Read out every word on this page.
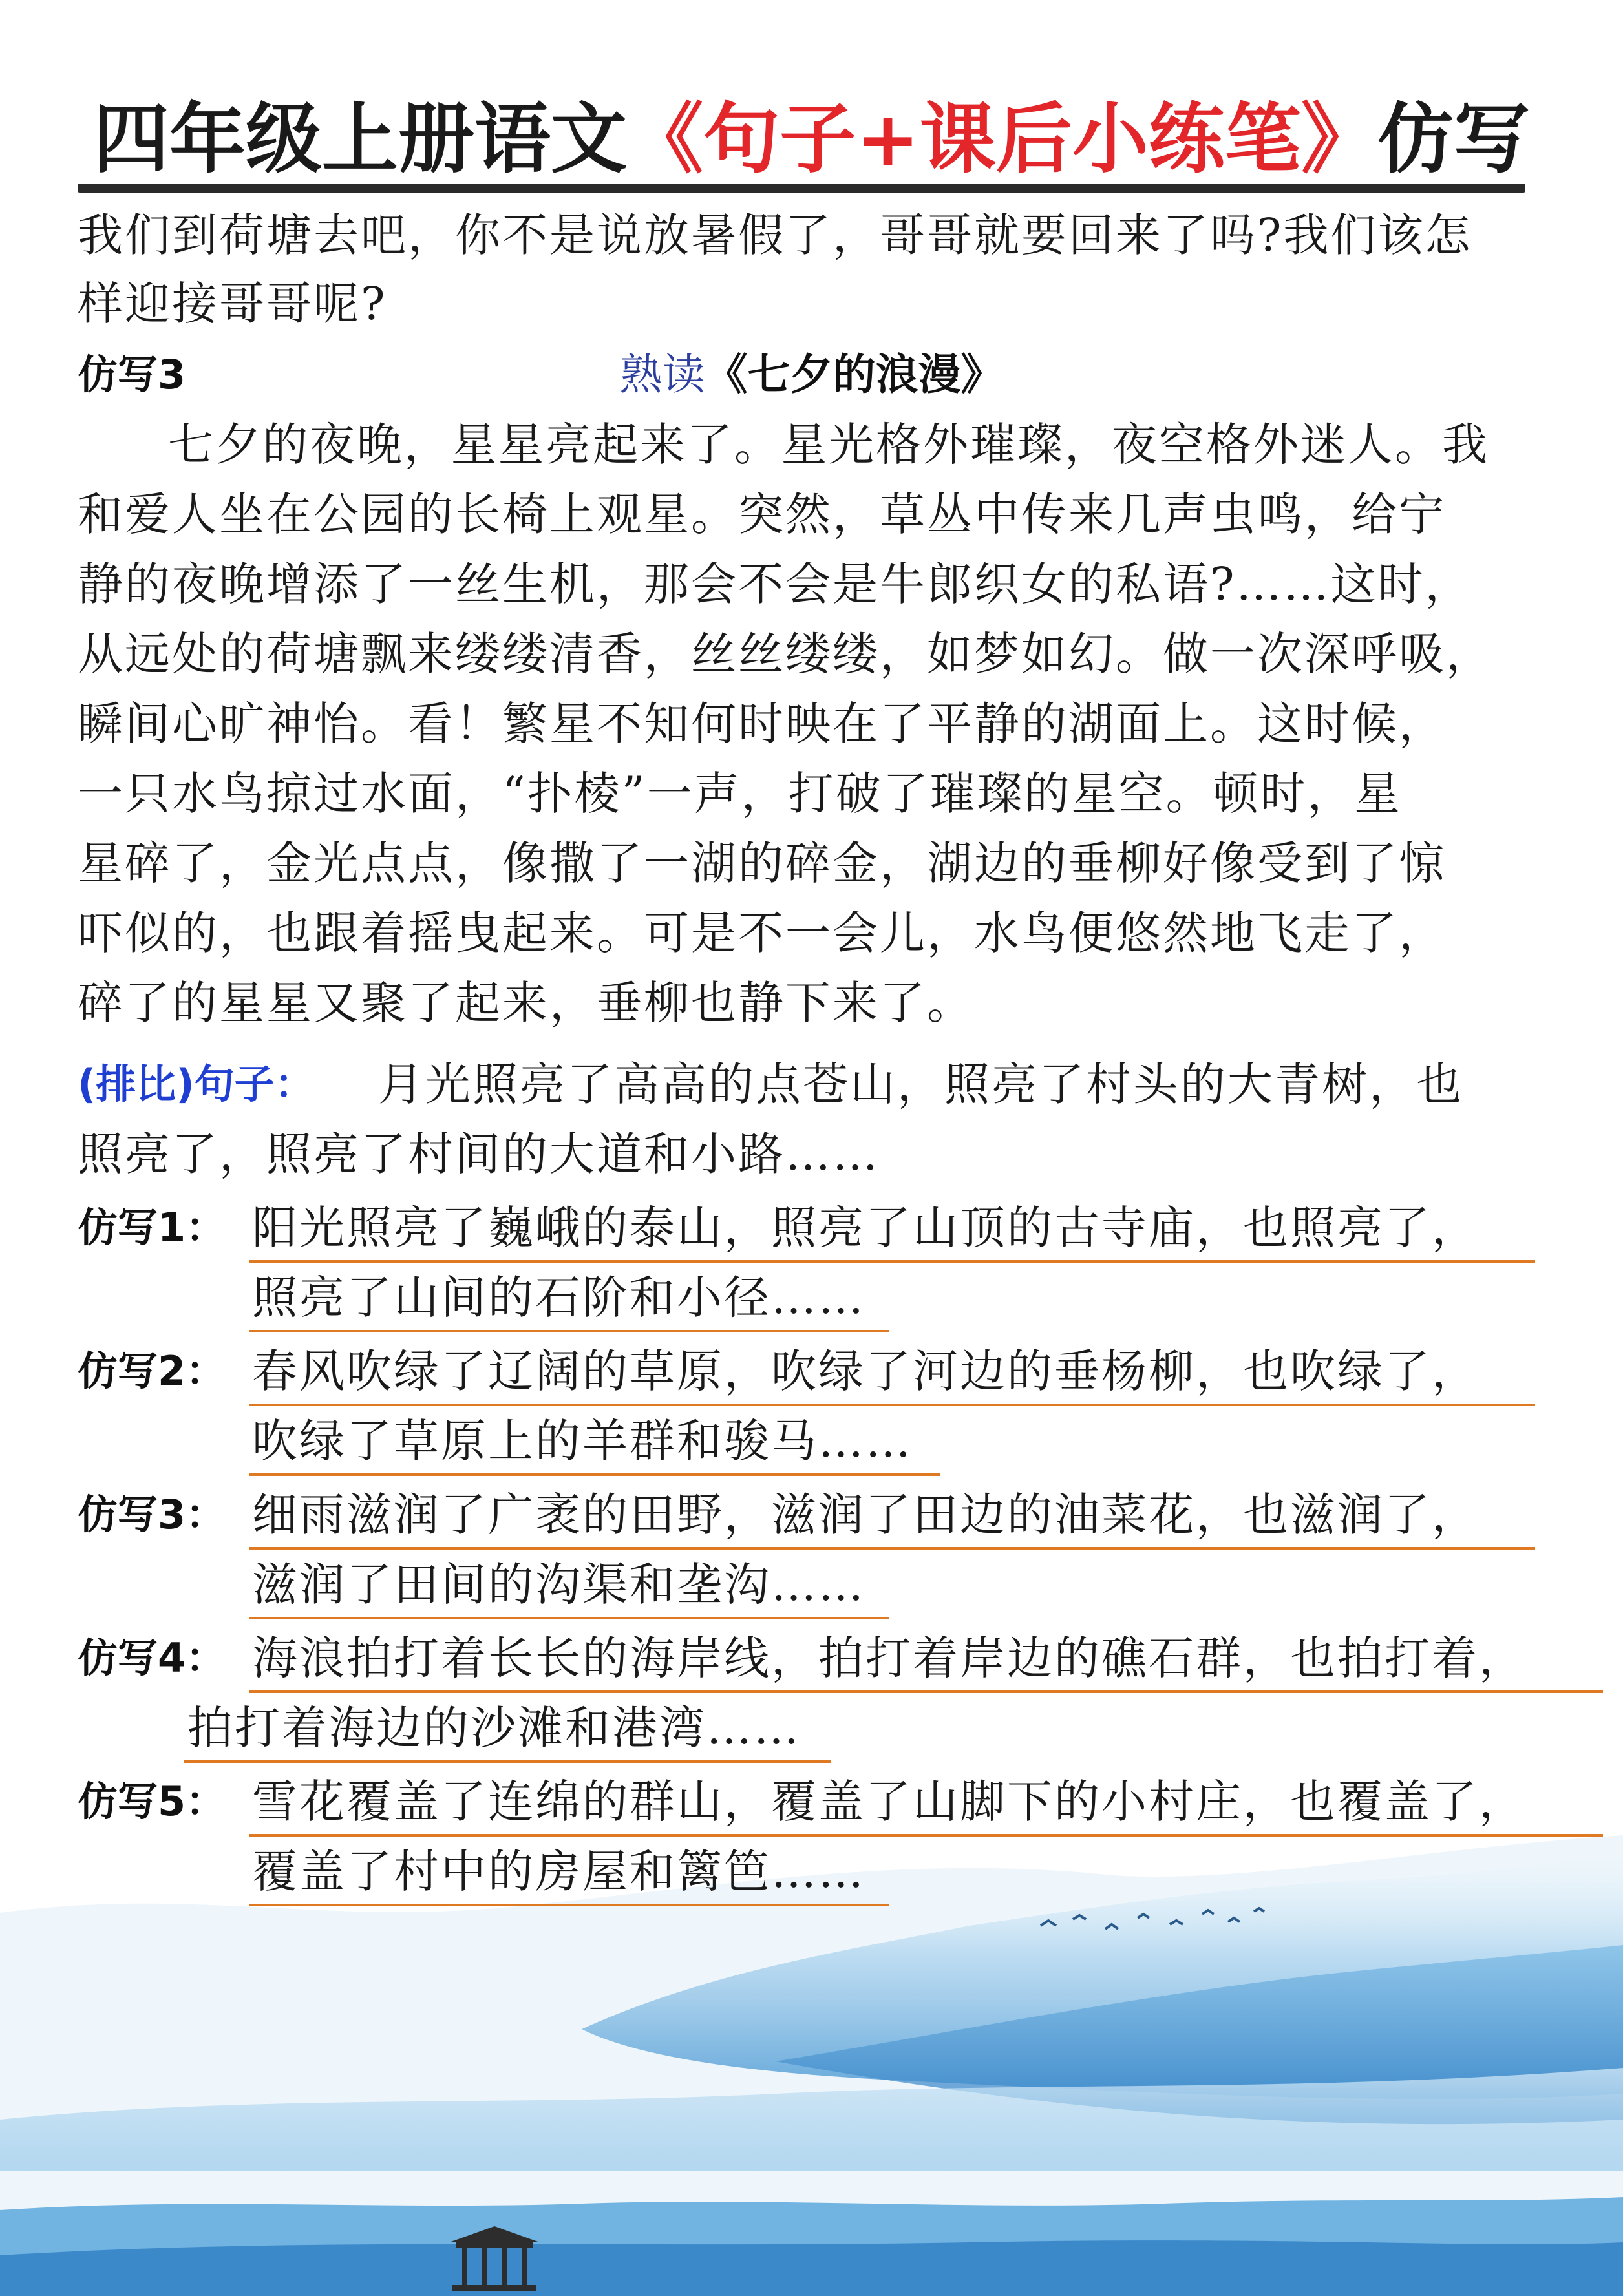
四年级上册语文《句子+课后小练笔》仿写
我们到荷塘去吧，你不是说放暑假了，哥哥就要回来了吗?我们该怎
样迎接哥哥呢?
仿写3	熟读《七夕的浪漫》
七夕的夜晚，星星亮起来了。星光格外璀璨，夜空格外迷人。我
和爱人坐在公园的长椅上观星。突然，草丛中传来几声虫鸣，给宁
静的夜晚增添了一丝生机，那会不会是牛郎织女的私语?……这时，
从远处的荷塘飘来缕缕清香，丝丝缕缕，如梦如幻。做一次深呼吸，
瞬间心旷神怡。看！繁星不知何时映在了平静的湖面上。这时候，
一只水鸟掠过水面，“扑棱”一声，打破了璀璨的星空。顿时，星
星碎了，金光点点，像撒了一湖的碎金，湖边的垂柳好像受到了惊
吓似的，也跟着摇曳起来。可是不一会儿，水鸟便悠然地飞走了，
碎了的星星又聚了起来，垂柳也静下来了。
(排比)句子： 月光照亮了高高的点苍山，照亮了村头的大青树，也
照亮了，照亮了村间的大道和小路……
仿写1： 阳光照亮了巍峨的泰山，照亮了山顶的古寺庙，也照亮了，
照亮了山间的石阶和小径……
仿写2： 春风吹绿了辽阔的草原，吹绿了河边的垂杨柳，也吹绿了，
吹绿了草原上的羊群和骏马……
仿写3： 细雨滋润了广袤的田野，滋润了田边的油菜花，也滋润了，
滋润了田间的沟渠和垄沟……
仿写4： 海浪拍打着长长的海岸线，拍打着岸边的礁石群，也拍打着，
拍打着海边的沙滩和港湾……
仿写5： 雪花覆盖了连绵的群山，覆盖了山脚下的小村庄，也覆盖了，
覆盖了村中的房屋和篱笆……
